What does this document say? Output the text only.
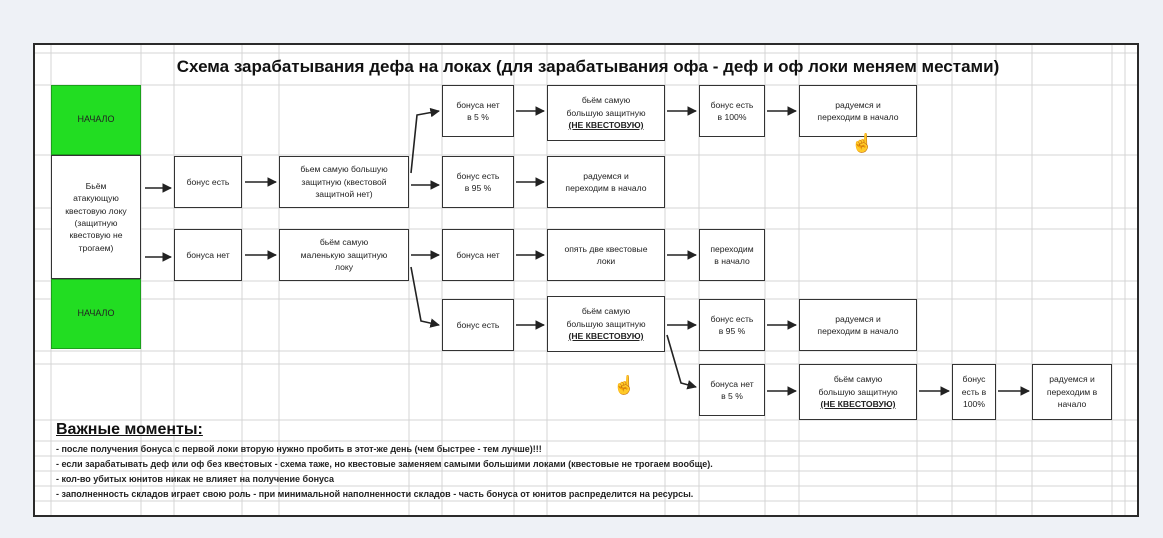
Схема зарабатывания дефа на локах (для зарабатывания офа - деф и оф локи меняем местами)
НАЧАЛО
Бьём
атакующую
квестовую локу
(защитную
квестовую не
трогаем)
НАЧАЛО
бонус есть
бонуса нет
бьем самую большую
защитную (квестовой
защитной нет)
бьём самую
маленькую защитную
локу
бонуса нет
в 5 %
бонус есть
в 95 %
бонуса нет
бонус есть
бьём самую
большую защитную
(НЕ КВЕСТОВУЮ)
радуемся и
переходим в начало
опять две квестовые
локи
бьём самую
большую защитную
(НЕ КВЕСТОВУЮ)
бонус есть
в 100%
переходим
в начало
бонус есть
в 95 %
бонуса нет
в 5 %
радуемся и
переходим в начало
радуемся и
переходим в начало
бьём самую
большую защитную
(НЕ КВЕСТОВУЮ)
бонус
есть в
100%
радуемся и
переходим в
начало
☝
☝
Важные моменты:
- после получения бонуса с первой локи вторую нужно пробить в этот-же день (чем быстрее - тем лучше)!!!
- если зарабатывать деф или оф без квестовых - схема таже, но квестовые заменяем самыми большими локами (квестовые не трогаем вообще).
- кол-во убитых юнитов никак не влияет на получение бонуса
- заполненность складов играет свою роль - при минимальной наполненности складов - часть бонуса от юнитов распределится на ресурсы.
